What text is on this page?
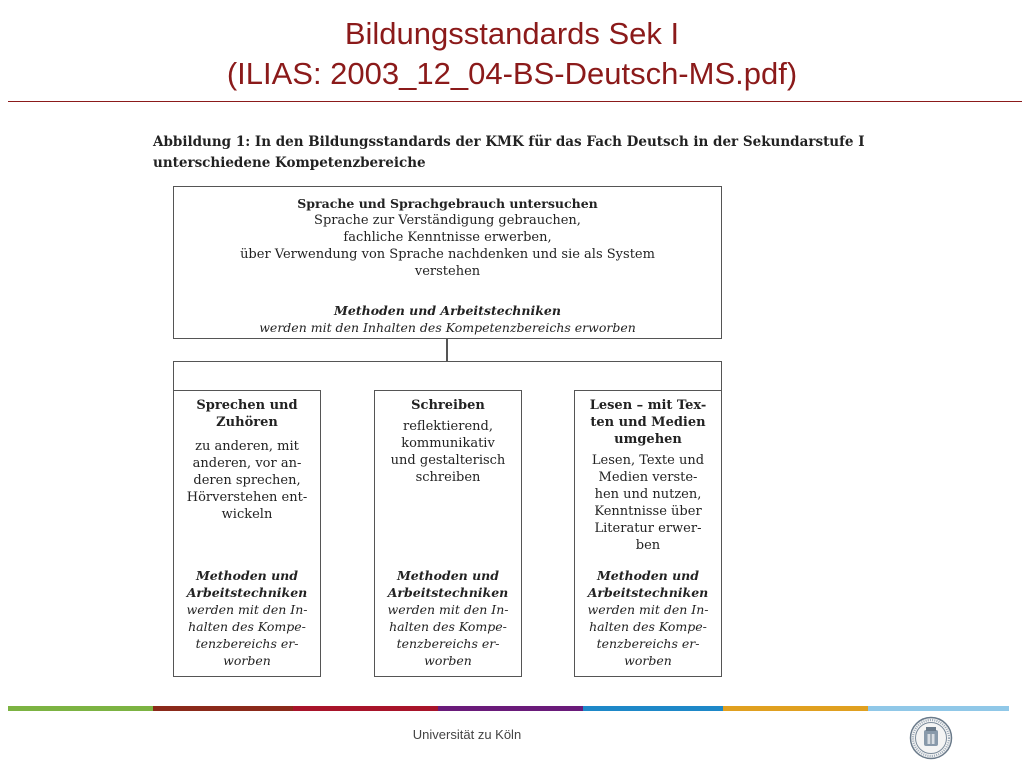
Bildungsstandards Sek I
(ILIAS: 2003_12_04-BS-Deutsch-MS.pdf)
Abbildung 1: In den Bildungsstandards der KMK für das Fach Deutsch in der Sekundarstufe I
unterschiedene Kompetenzbereiche
Sprache und Sprachgebrauch untersuchen
Sprache zur Verständigung gebrauchen,
fachliche Kenntnisse erwerben,
über Verwendung von Sprache nachdenken und sie als System
verstehen
Methoden und Arbeitstechniken
werden mit den Inhalten des Kompetenzbereichs erworben
Sprechen und
Zuhören
zu anderen, mit
anderen, vor an-
deren sprechen,
Hörverstehen ent-
wickeln
Methoden und
Arbeitstechniken
werden mit den In-
halten des Kompe-
tenzbereichs er-
worben
Schreiben
reflektierend,
kommunikativ
und gestalterisch
schreiben
Methoden und
Arbeitstechniken
werden mit den In-
halten des Kompe-
tenzbereichs er-
worben
Lesen – mit Tex-
ten und Medien
umgehen
Lesen, Texte und
Medien verste-
hen und nutzen,
Kenntnisse über
Literatur erwer-
ben
Methoden und
Arbeitstechniken
werden mit den In-
halten des Kompe-
tenzbereichs er-
worben
Universität zu Köln
